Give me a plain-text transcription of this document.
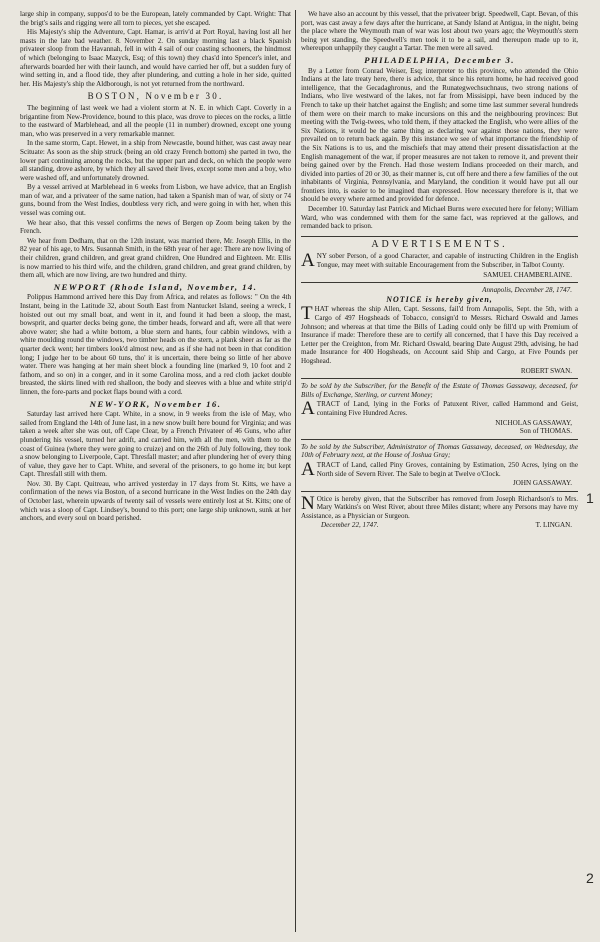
large ship in company, suppos'd to be the European, lately commanded by Capt. Wright: That the brigt's sails and rigging were all torn to pieces, yet she escaped.

His Majesty's ship the Adventure, Capt. Hamar, is arriv'd at Port Royal, having lost all her masts in the late bad weather. 8. November 2. On sunday morning last a black Spanish privateer sloop from the Havannah, fell in with 4 sail of our coasting schooners, the hindmost of which (belonging to Isaac Mazyck, Esq; of this town) they chas'd into Spencer's inlet, and afterwards boarded her with their launch, and would have carried her off, but a sudden fury of wind setting in, and a flood tide, they after plundering, and cutting a hole in her side, quitted her. His Majesty's ship the Aldborough, is not yet returned from the northward.

BOSTON, November 30.

The beginning of last week we had a violent storm at N. E. in which Capt. Coverly in a brigantine from New-Providence, bound to this place, was drove to pieces on the rocks, a little to the eastward of Marblehead, and all the people (11 in number) drowned, except one young man, who was preserved in a very remarkable manner.

In the same storm, Capt. Hewet, in a ship from Newcastle, bound hither, was cast away near Scituate: As soon as the ship struck (being an old crazy French bottom) she parted in two, the lower part continuing among the rocks, but the upper part and deck, on which the people were all standing, drove ashore, by which they all saved their lives, except some men and a boy, who were washed off, and unfortunately drowned.

By a vessel arrived at Marblehead in 6 weeks from Lisbon, we have advice, that an English man of war, and a privateer of the same nation, had taken a Spanish man of war, of sixty or 74 guns, bound from the West Indies, doubtless very rich, and were going in with her, when this vessel was coming out.

We hear also, that this vessel confirms the news of Bergen op Zoom being taken by the French.

We hear from Dedham, that on the 12th instant, was married there, Mr. Joseph Ellis, in the 82 year of his age, to Mrs. Susannah Smith, in the 68th year of her age: There are now living of their children, grand children, and great grand children, One Hundred and Eighteen. Mr. Ellis is now married to his third wife, and the children, grand children, and great grand children, by them all, which are now living, are two hundred and thirty.

NEWPORT (Rhode Island, November, 14.

Polippus Hammond arrived here this Day from Africa, and relates as follows: " On the 4th Instant, being in the Latitude 32, about South East from Nantucket Island, seeing a wreck, I hoisted out out my small boat, and went in it, and found it had been a sloop, the mast, bowsprit, and quarter decks being gone, the timber heads, forward and aft, were all that were above water; she had a white bottom, a blue stern and hants, four cabbin windows, with a white moulding round the windows, two timber heads on the stern, a plank sheer as far as the quarter deck went; her timbers look'd almost new, and as if she had not been in that condition long; I judge her to be about 60 tuns, tho' it is uncertain, there being so little of her above water. There was hanging at her main sheet block a founding line (marked 9, 10 foot and 2 fathom, and so on) in a conger, and in it some Carolina moss, and a red cloth jacket double breasted, the skirts lined with red shalloon, the body and sleeves with a blue and white strip'd linnen, the fore-parts and pocket flaps bound with a cord.

NEW-YORK, November 16.

Saturday last arrived here Capt. White, in a snow, in 9 weeks from the isle of May, who sailed from England the 14th of June last, in a new snow built here bound for Virginia; and was taken a week after she was out, off Cape Clear, by a French Privateer of 46 Guns, who after plundering his vessel, turned her adrift, and carried him, with all the men, with them to the coast of Guinea (where they were going to cruize) and on the 26th of July following, they took a snow belonging to Liverpoole, Capt. Thresfall master; and after plundering her of every thing of value, they gave her to Capt. White, and several of the prisoners, to go home in; but kept Capt. Thresfall still with them.

Nov. 30. By Capt. Quitreau, who arrived yesterday in 17 days from St. Kitts, we have a confirmation of the news via Boston, of a second hurricane in the West Indies on the 24th day of October last, wherein upwards of twenty sail of vessels were entirely lost at St. Kitts; one of which was a sloop of Capt. Lindsey's, bound to this port; one large ship unknown, sunk at her anchors, and every soul on board perished.

We have also an account by this vessel, that the privateer brigt. Speedwell, Capt. Bevan, of this port, was cast away a few days after the hurricane, at Sandy Island at Antigua, in the night, being the place where the Weymouth man of war was lost about two years ago; the Weymouth's stern being yet standing, the Speedwell's men took it to be a sail, and thereupon made up to it, whereupon unhappily they caught a Tartar. The men were all saved.

PHILADELPHIA, December 3.

By a Letter from Conrad Weiser, Esq; interpreter to this province, who attended the Ohio Indians at the late treaty here, there is advice, that since his return home, he had received good intelligence, that the Gecadaghronus, and the Runategwechsuchnaus, two strong nations of Indians, who live westward of the lakes, not far from Missisippi, have been induced by the French to take up their hatchet against the English; and some time last summer several hundreds of them were on their march to make incursions on this and the neighbouring provinces: But meeting with the Twig-twees, who told them, if they attacked the English, who were allies of the Six Nations, it would be the same thing as declaring war against those nations, they were prevailed on to return back again. By this instance we see of what importance the friendship of the Six Nations is to us, and the mischiefs that may attend their present dissatisfaction at the English management of the war, if proper measures are not taken to remove it, and prevent their being gained over by the French. Had those western Indians proceeded on their march, and divided into parties of 20 or 30, as their manner is, cut off here and there a few families of the out inhabitants of Virginia, Pennsylvania, and Maryland, the condition it would have put all our frontiers into, is easier to be imagined than expressed. How necessary therefore is it, that we should be every where armed and provided for defence.

December 10. Saturday last Patrick and Michael Burns were executed here for felony; William Ward, who was condemned with them for the same fact, was reprieved at the gallows, and remanded back to prison.

ADVERTISEMENTS.

A NY sober Person, of a good Character, and capable of instructing Children in the English Tongue, may meet with suitable Encouragement from the Subscriber, in Talbot County.

SAMUEL CHAMBERLAINE.
Annapolis, December 28, 1747.
NOTICE is hereby given,

T HAT whereas the ship Allen, Capt. Sessons, fail'd from Annapolis, Sept. the 5th, with a Cargo of 497 Hogsheads of Tobacco, consign'd to Messrs. Richard Oswald and James Johnson; and whereas at that time the Bills of Lading could only be fill'd up with Premium of Insurance if made: Therefore these are to certify all concerned, that I have this Day received a Letter per the Creighton, from Mr. Richard Oswald, bearing Date August 29th, advising, he had made Insurance for 400 Hogsheads, on Account said Ship and Cargo, at Five Pounds per Hogshead.

ROBERT SWAN.

To be sold by the Subscriber, for the Benefit of the Estate of Thomas Gassaway, deceased, for Bills of Exchange, Sterling, or current Money;

A TRACT of Land, lying in the Forks of Patuxent River, called Hammond and Geist, containing Five Hundred Acres.

NICHOLAS GASSAWAY,
Son of THOMAS.

To be sold by the Subscriber, Administrator of Thomas Gassaway, deceased, on Wednesday, the 10th of February next, at the House of Joshua Gray;

A TRACT of Land, called Piny Groves, containing by Estimation, 250 Acres, lying on the North side of Severn River. The Sale to begin at Twelve o'Clock.

JOHN GASSAWAY.

N Otice is hereby given, that the Subscriber has removed from Joseph Richardson's to Mrs. Mary Watkins's on West River, about three Miles distant; where any Persons may have my Assistance, as a Physician or Surgeon.

December 22, 1747.	T. LINGAN.
1
2
